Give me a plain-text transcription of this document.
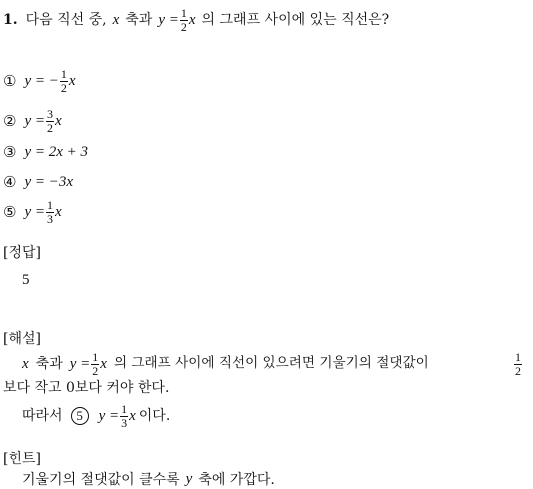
1. 다음 직선 중, x 축과 $y = \frac{1}{2}$ x 의 그래프 사이에 있는 직선은?
① y = − $\frac{1}{2}$ x
② $y = \frac{3}{2}$ x
③ y = 2x + 3
④ y = −3x
⑤ $y = \frac{1}{3}$ x
[정답]
5
[해설]
x 축과 $y = \frac{1}{2}$ x 의 그래프 사이에 직선이 있으려면 기울기의 절댓값이	$\frac{1}{2}$
보다 작고 0보다 커야 한다.
따라서	5	$y = \frac{1}{3}$ x 이다.
[힌트]
기울기의 절댓값이 클수록 y 축에 가깝다.
